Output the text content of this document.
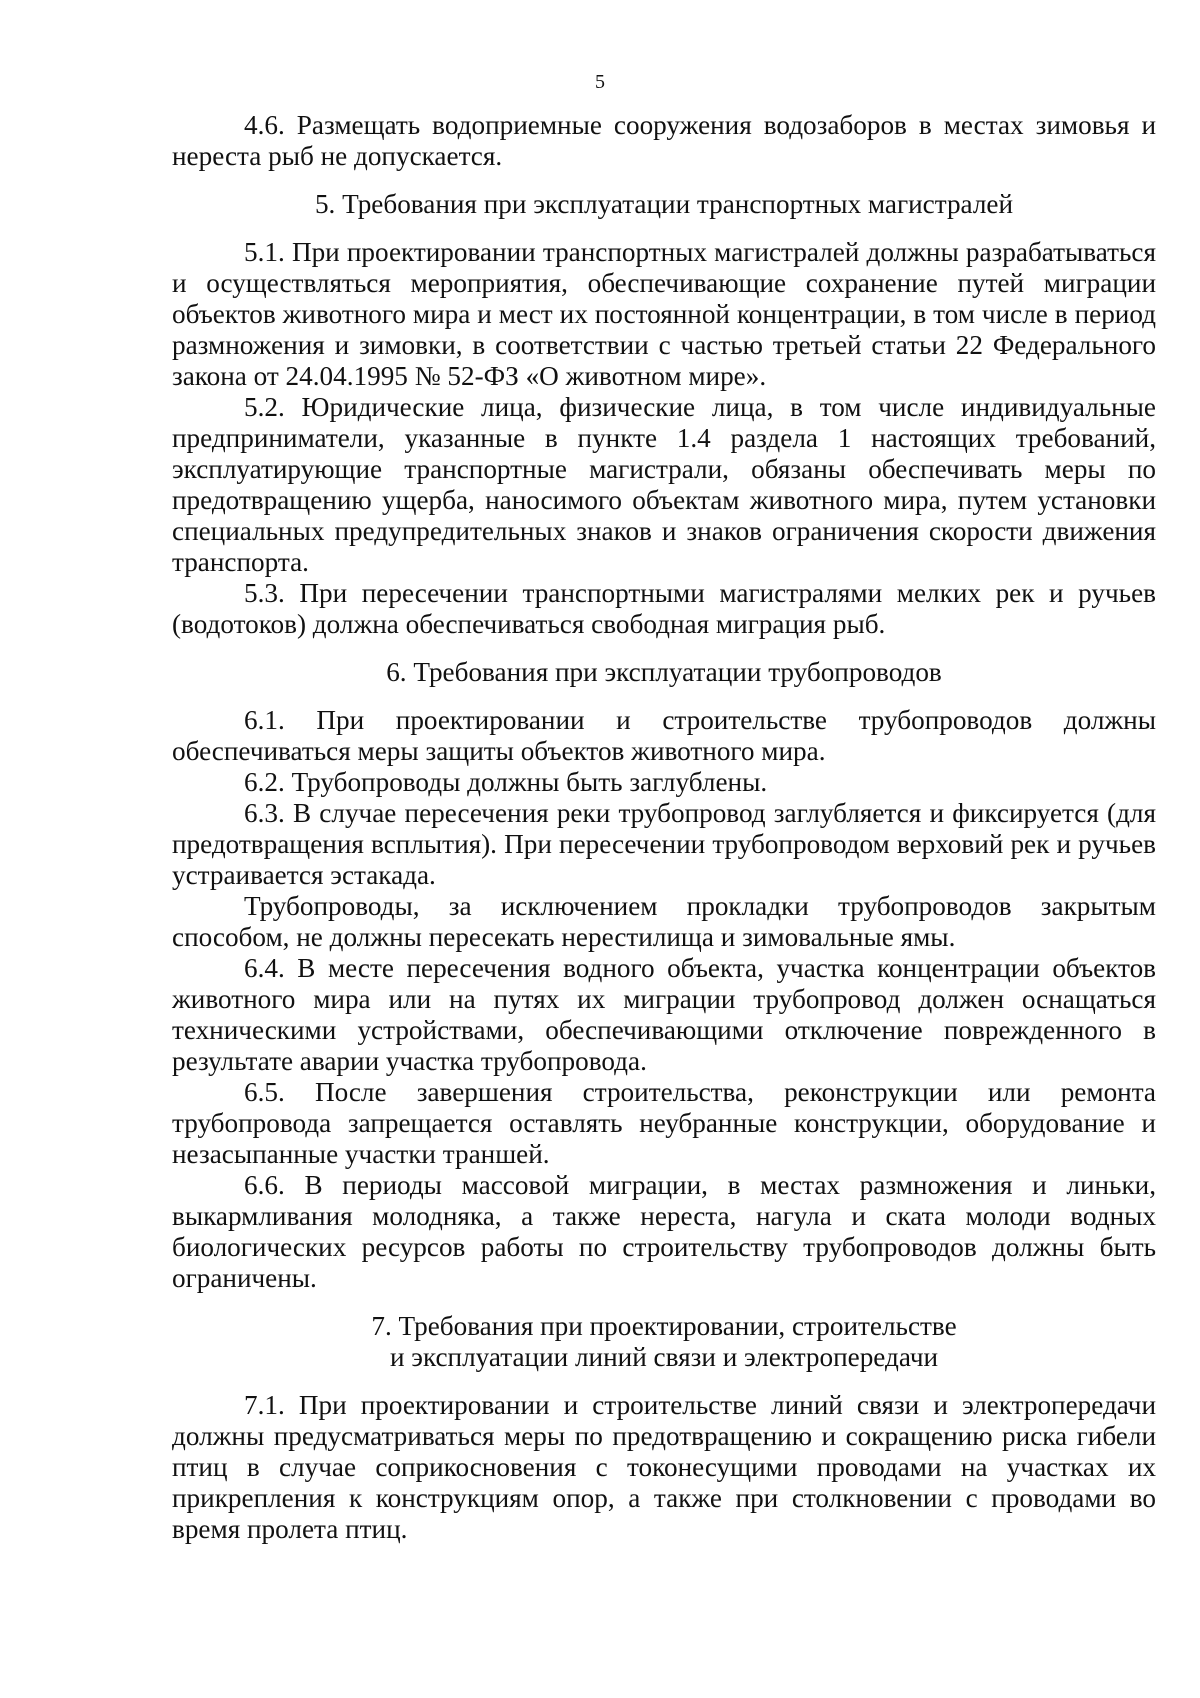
5

4.6. Размещать водоприемные сооружения водозаборов в местах зимовья и нереста рыб не допускается.

5. Требования при эксплуатации транспортных магистралей

5.1. При проектировании транспортных магистралей должны разрабатываться и осуществляться мероприятия, обеспечивающие сохранение путей миграции объектов животного мира и мест их постоянной концентрации, в том числе в период размножения и зимовки, в соответствии с частью третьей статьи 22 Федерального закона от 24.04.1995 № 52-ФЗ «О животном мире».

5.2. Юридические лица, физические лица, в том числе индивидуальные предприниматели, указанные в пункте 1.4 раздела 1 настоящих требований, эксплуатирующие транспортные магистрали, обязаны обеспечивать меры по предотвращению ущерба, наносимого объектам животного мира, путем установки специальных предупредительных знаков и знаков ограничения скорости движения транспорта.

5.3. При пересечении транспортными магистралями мелких рек и ручьев (водотоков) должна обеспечиваться свободная миграция рыб.

6. Требования при эксплуатации трубопроводов

6.1. При проектировании и строительстве трубопроводов должны обеспечиваться меры защиты объектов животного мира.

6.2. Трубопроводы должны быть заглублены.

6.3. В случае пересечения реки трубопровод заглубляется и фиксируется (для предотвращения всплытия). При пересечении трубопроводом верховий рек и ручьев устраивается эстакада.

Трубопроводы, за исключением прокладки трубопроводов закрытым способом, не должны пересекать нерестилища и зимовальные ямы.

6.4. В месте пересечения водного объекта, участка концентрации объектов животного мира или на путях их миграции трубопровод должен оснащаться техническими устройствами, обеспечивающими отключение поврежденного в результате аварии участка трубопровода.

6.5. После завершения строительства, реконструкции или ремонта трубопровода запрещается оставлять неубранные конструкции, оборудование и незасыпанные участки траншей.

6.6. В периоды массовой миграции, в местах размножения и линьки, выкармливания молодняка, а также нереста, нагула и ската молоди водных биологических ресурсов работы по строительству трубопроводов должны быть ограничены.

7. Требования при проектировании, строительстве
и эксплуатации линий связи и электропередачи

7.1. При проектировании и строительстве линий связи и электропередачи должны предусматриваться меры по предотвращению и сокращению риска гибели птиц в случае соприкосновения с токонесущими проводами на участках их прикрепления к конструкциям опор, а также при столкновении с проводами во время пролета птиц.
